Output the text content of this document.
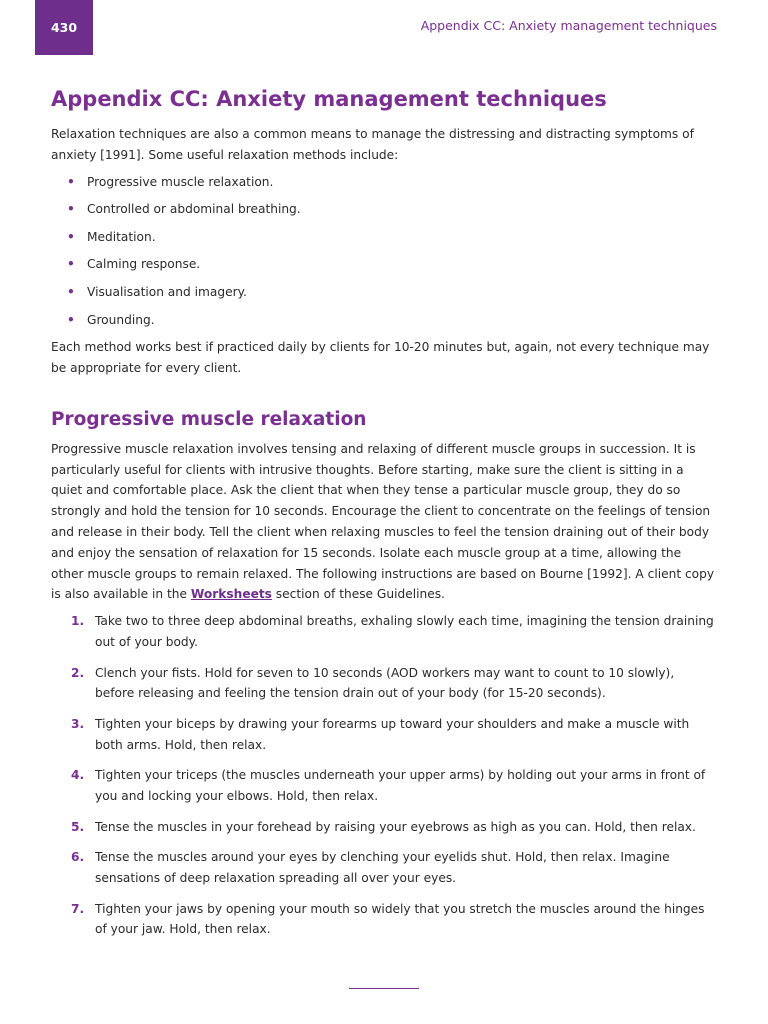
430	Appendix CC: Anxiety management techniques
Appendix CC: Anxiety management techniques

Relaxation techniques are also a common means to manage the distressing and distracting symptoms of anxiety [1991]. Some useful relaxation methods include:

• Progressive muscle relaxation.
• Controlled or abdominal breathing.
• Meditation.
• Calming response.
• Visualisation and imagery.
• Grounding.

Each method works best if practiced daily by clients for 10-20 minutes but, again, not every technique may be appropriate for every client.

Progressive muscle relaxation

Progressive muscle relaxation involves tensing and relaxing of different muscle groups in succession. It is particularly useful for clients with intrusive thoughts. Before starting, make sure the client is sitting in a quiet and comfortable place. Ask the client that when they tense a particular muscle group, they do so strongly and hold the tension for 10 seconds. Encourage the client to concentrate on the feelings of tension and release in their body. Tell the client when relaxing muscles to feel the tension draining out of their body and enjoy the sensation of relaxation for 15 seconds. Isolate each muscle group at a time, allowing the other muscle groups to remain relaxed. The following instructions are based on Bourne [1992]. A client copy is also available in the Worksheets section of these Guidelines.

1. Take two to three deep abdominal breaths, exhaling slowly each time, imagining the tension draining out of your body.
2. Clench your fists. Hold for seven to 10 seconds (AOD workers may want to count to 10 slowly), before releasing and feeling the tension drain out of your body (for 15-20 seconds).
3. Tighten your biceps by drawing your forearms up toward your shoulders and make a muscle with both arms. Hold, then relax.
4. Tighten your triceps (the muscles underneath your upper arms) by holding out your arms in front of you and locking your elbows. Hold, then relax.
5. Tense the muscles in your forehead by raising your eyebrows as high as you can. Hold, then relax.
6. Tense the muscles around your eyes by clenching your eyelids shut. Hold, then relax. Imagine sensations of deep relaxation spreading all over your eyes.
7. Tighten your jaws by opening your mouth so widely that you stretch the muscles around the hinges of your jaw. Hold, then relax.
